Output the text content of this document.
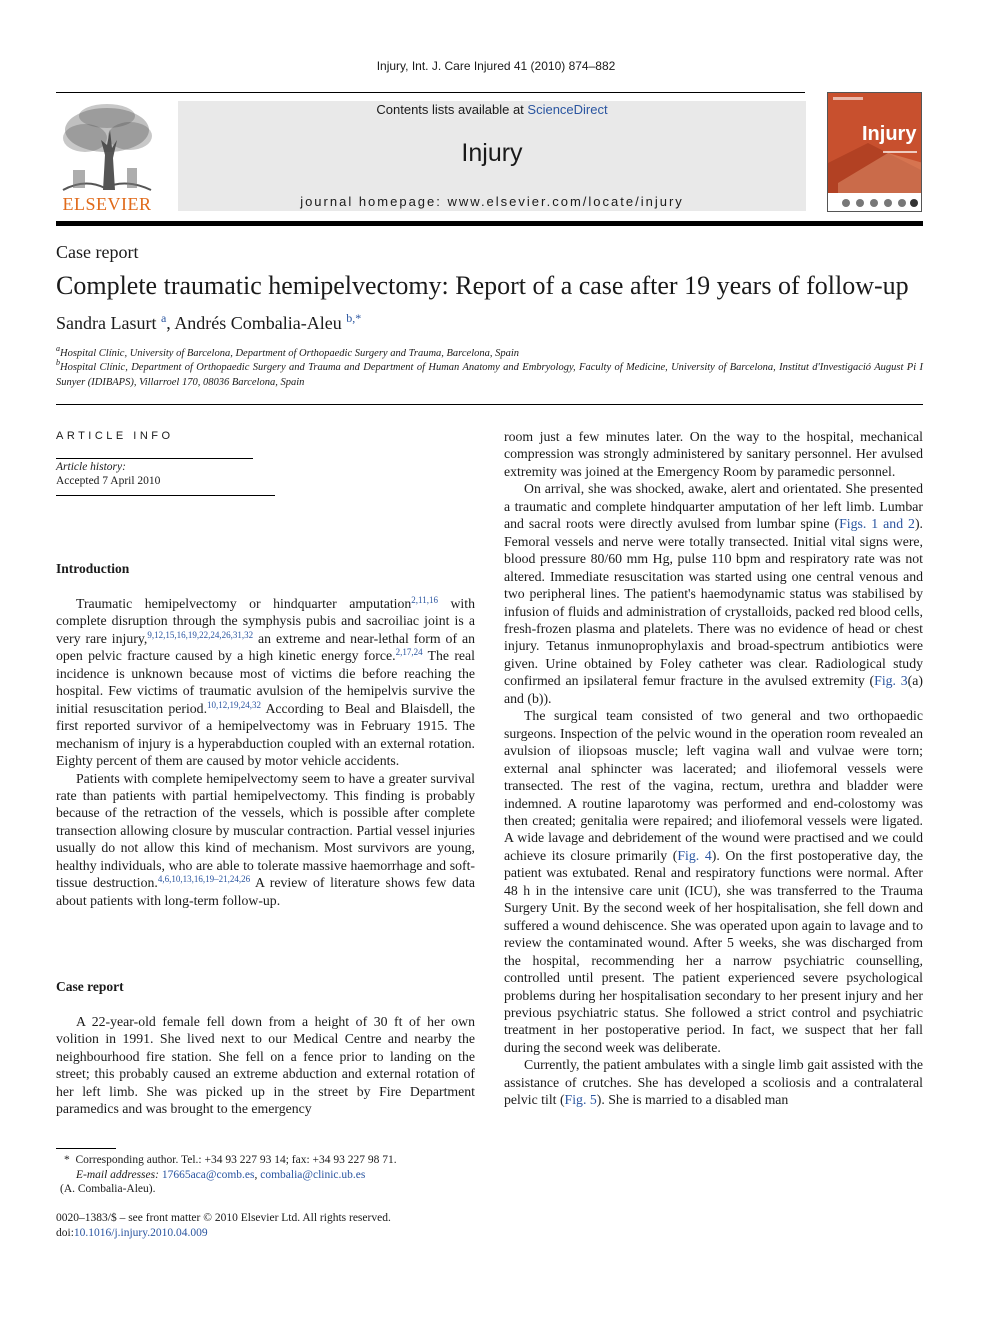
Injury, Int. J. Care Injured 41 (2010) 874–882
ELSEVIER
Contents lists available at ScienceDirect
Injury
journal homepage: www.elsevier.com/locate/injury
Injury
Case report
Complete traumatic hemipelvectomy: Report of a case after 19 years of follow-up
Sandra Lasurt $^a$, Andrés Combalia-Aleu $^{b,*}$
$^a$Hospital Clínic, University of Barcelona, Department of Orthopaedic Surgery and Trauma, Barcelona, Spain
$^b$Hospital Clínic, Department of Orthopaedic Surgery and Trauma and Department of Human Anatomy and Embryology, Faculty of Medicine, University of Barcelona, Institut d'Investigació August Pi I Sunyer (IDIBAPS), Villarroel 170, 08036 Barcelona, Spain
ARTICLE INFO
Article history:
Accepted 7 April 2010
Introduction

Traumatic hemipelvectomy or hindquarter amputation$^{2,11,16}$ with complete disruption through the symphysis pubis and sacroiliac joint is a very rare injury,$^{9,12,15,16,19,22,24,26,31,32}$ an extreme and near-lethal form of an open pelvic fracture caused by a high kinetic energy force.$^{2,17,24}$ The real incidence is unknown because most of victims die before reaching the hospital. Few victims of traumatic avulsion of the hemipelvis survive the initial resuscitation period.$^{10,12,19,24,32}$ According to Beal and Blaisdell, the first reported survivor of a hemipelvectomy was in February 1915. The mechanism of injury is a hyperabduction coupled with an external rotation. Eighty percent of them are caused by motor vehicle accidents.

Patients with complete hemipelvectomy seem to have a greater survival rate than patients with partial hemipelvectomy. This finding is probably because of the retraction of the vessels, which is possible after complete transection allowing closure by muscular contraction. Partial vessel injuries usually do not allow this kind of mechanism. Most survivors are young, healthy individuals, who are able to tolerate massive haemorrhage and soft-tissue destruction.$^{4,6,10,13,16,19-21,24,26}$ A review of literature shows few data about patients with long-term follow-up.

Case report

A 22-year-old female fell down from a height of 30 ft of her own volition in 1991. She lived next to our Medical Centre and nearby the neighbourhood fire station. She fell on a fence prior to landing on the street; this probably caused an extreme abduction and external rotation of her left limb. She was picked up in the street by Fire Department paramedics and was brought to the emergency

room just a few minutes later. On the way to the hospital, mechanical compression was strongly administered by sanitary personnel. Her avulsed extremity was joined at the Emergency Room by paramedic personnel.

On arrival, she was shocked, awake, alert and orientated. She presented a traumatic and complete hindquarter amputation of her left limb. Lumbar and sacral roots were directly avulsed from lumbar spine (Figs. 1 and 2). Femoral vessels and nerve were totally transected. Initial vital signs were, blood pressure 80/60 mm Hg, pulse 110 bpm and respiratory rate was not altered. Immediate resuscitation was started using one central venous and two peripheral lines. The patient's haemodynamic status was stabilised by infusion of fluids and administration of crystalloids, packed red blood cells, fresh-frozen plasma and platelets. There was no evidence of head or chest injury. Tetanus inmunoprophylaxis and broad-spectrum antibiotics were given. Urine obtained by Foley catheter was clear. Radiological study confirmed an ipsilateral femur fracture in the avulsed extremity (Fig. 3(a) and (b)).

The surgical team consisted of two general and two orthopaedic surgeons. Inspection of the pelvic wound in the operation room revealed an avulsion of iliopsoas muscle; left vagina wall and vulvae were torn; external anal sphincter was lacerated; and iliofemoral vessels were transected. The rest of the vagina, rectum, urethra and bladder were indemned. A routine laparotomy was performed and end-colostomy was then created; genitalia were repaired; and iliofemoral vessels were ligated. A wide lavage and debridement of the wound were practised and we could achieve its closure primarily (Fig. 4). On the first postoperative day, the patient was extubated. Renal and respiratory functions were normal. After 48 h in the intensive care unit (ICU), she was transferred to the Trauma Surgery Unit. By the second week of her hospitalisation, she fell down and suffered a wound dehiscence. She was operated upon again to lavage and to review the contaminated wound. After 5 weeks, she was discharged from the hospital, recommending her a narrow psychiatric counselling, controlled until present. The patient experienced severe psychological problems during her hospitalisation secondary to her present injury and her previous psychiatric status. She followed a strict control and psychiatric treatment in her postoperative period. In fact, we suspect that her fall during the second week was deliberate.

Currently, the patient ambulates with a single limb gait assisted with the assistance of crutches. She has developed a scoliosis and a contralateral pelvic tilt (Fig. 5). She is married to a disabled man

* Corresponding author. Tel.: +34 93 227 93 14; fax: +34 93 227 98 71.
E-mail addresses: 17665aca@comb.es, combalia@clinic.ub.es
(A. Combalia-Aleu).
0020–1383/$ – see front matter © 2010 Elsevier Ltd. All rights reserved.
doi:10.1016/j.injury.2010.04.009
